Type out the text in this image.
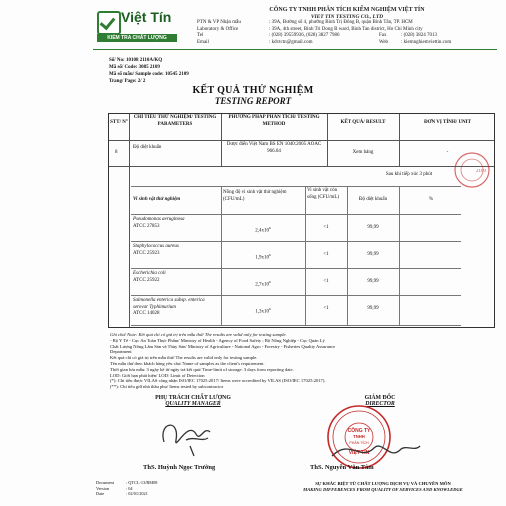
Việt Tín
KIỂM TRA CHẤT LƯỢNG
CÔNG TY TNHH PHÂN TÍCH KIỂM NGHIỆM VIỆT TÍN
VIET TIN TESTING CO., LTD
PTN & VP Nhận mẫu	: 39A, Đường số 4, phường Bình Trị Đông B, quận Bình Tân, TP. HCM
Laboratory & Office	: 39A, 4th street, Binh Tri Dong B ward, Binh Tan district, Ho Chi Minh city
Tel	: (028) 39559936, (028) 3827 7986	Fax	: (028) 3824 7013
Email	: kdvtctn@gmail.com	Web	: kiemnghiemviettin.com
Số/ No: 10108 2110A/KQ
Mã số/ Code: 3085 2109
Mã số mẫu/ Sample code: 10545 2109
Trang/ Page: 2/ 2
KẾT QUẢ THỬ NGHIỆM
TESTING REPORT
STT/ N°
CHỈ TIÊU THỬ NGHIỆM/ TESTING PARAMETERS
PHƯƠNG PHÁP PHÂN TÍCH/ TESTING METHOD	KẾT QUẢ/ RESULT	ĐƠN VỊ TÍNH/ UNIT
8
Độ diệt khuẩn
Dược điển Việt Nam BS EN 1040:2005 AOAC 966.04	Xem bảng	-
Sau khi tiếp xúc 3 phút
Vi sinh vật thử nghiệm
Nồng độ vi sinh vật thử nghiệm (CFU/mL)
Vi sinh vật còn sống (CFU/mL)	Độ diệt khuẩn	%
Pseudomonas aeruginosa
ATCC 27853
$2,4x10^6$	<1	99,99
Staphylococcus aureus
ATCC 25923
$1,9x10^6$	<1	99,99
Escherichia coli
ATCC 25922
$2,7x10^6$	<1	99,99
Salmonella enterica subsp. enterica serovar Typhimurium
ATCC 14028	$1,3x10^6$	<1	99,99
2109
Ghi chú/ Note: Kết quả chỉ có giá trị trên mẫu thử/ The results are valid only for testing sample.
- Bộ Y Tế - Cục An Toàn Thực Phẩm/ Ministry of Health - Agency of Food Safety ; Bộ Nông Nghiệp - Cục Quản Lý
Chất Lượng Nông Lâm Sản và Thủy Sản/ Ministry of Agriculture - National Agro - Forestry - Fisheries Quality Assurance
Department
Kết quả chỉ có giá trị trên mẫu thử/ The results are valid only for testing sample.
Tên mẫu thử theo khách hàng yêu cầu/ Name of samples as the client's requirement.
Thời gian lưu mẫu: 3 ngày kể từ ngày trả kết quả/ Time-limit of storage: 3 days from reporting date.
LOD: Giới hạn phát hiện/ LOD: Limit of Detection
(*): Chỉ tiêu được VILAS công nhận ISO/IEC 17025:2017/ Items were accredited by VILAS (ISO/IEC 17025:2017).
(**): Chỉ tiêu giữ nhà thầu phụ/ Items tested by subcontractor
PHỤ TRÁCH CHẤT LƯỢNG
QUALITY MANAGER
GIÁM ĐỐC
DIRECTOR
CÔNG TY
TNHH
PHÂN TÍCH
VIỆT TÍN
ThS. Huỳnh Ngọc Trường	ThS. Nguyễn Văn Tâm
Document	: QTCL-13/BM08
Version	: 04
Date	: 02/01/2021
SỰ KHÁC BIỆT TỪ CHẤT LƯỢNG DỊCH VỤ VÀ CHUYÊN MÔN
MAKING DIFFERENCES FROM QUALITY OF SERVICES AND KNOWLEDGE
